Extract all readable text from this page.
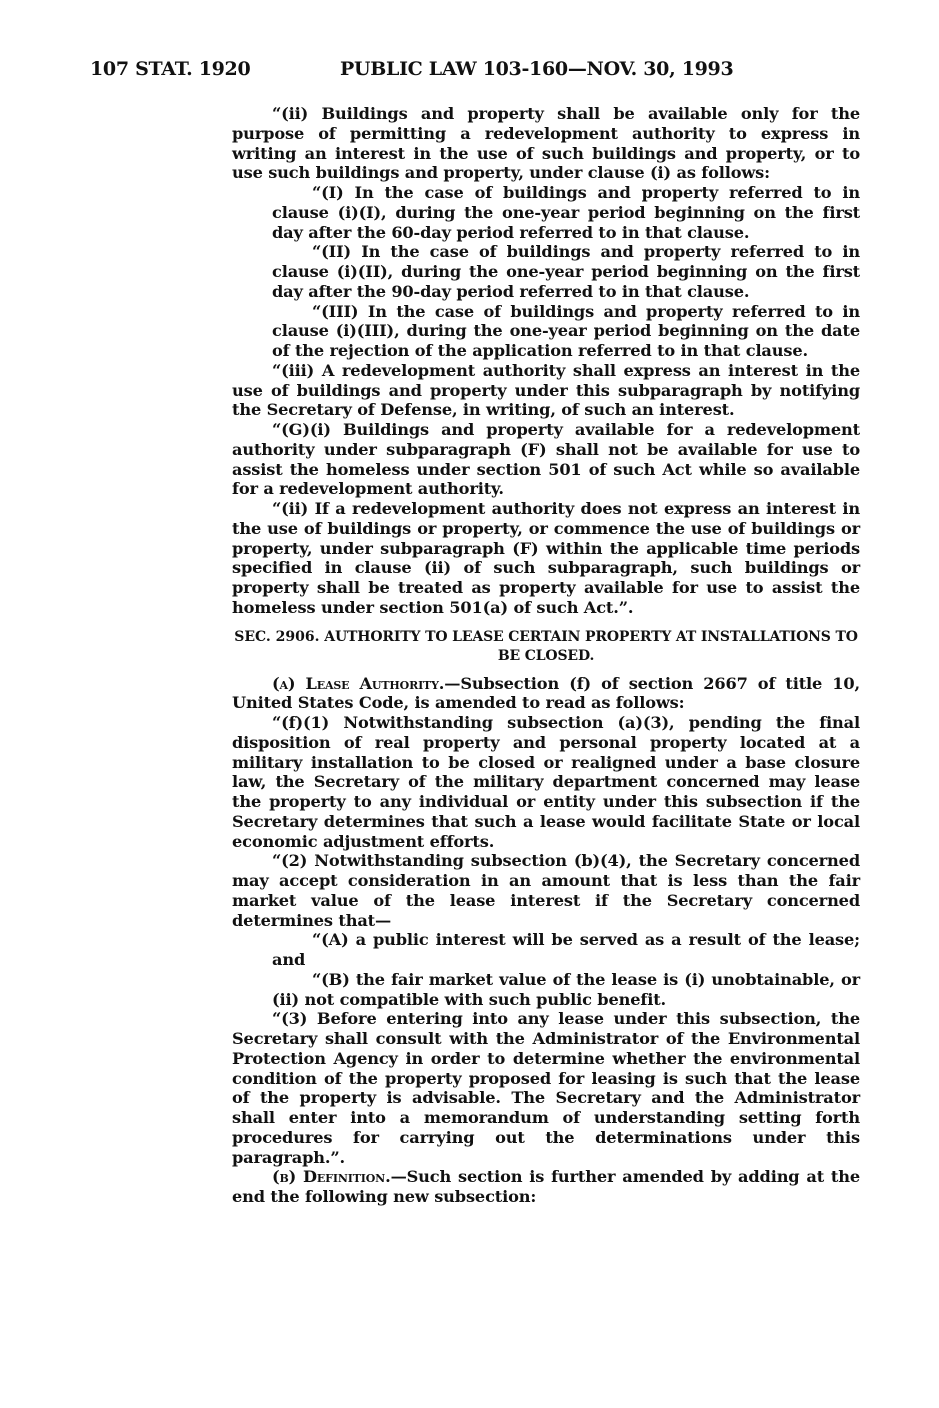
107 STAT. 1920	PUBLIC LAW 103-160—NOV. 30, 1993

“(ii) Buildings and property shall be available only for the purpose of permitting a redevelopment authority to express in writing an interest in the use of such buildings and property, or to use such buildings and property, under clause (i) as follows:

“(I) In the case of buildings and property referred to in clause (i)(I), during the one-year period beginning on the first day after the 60-day period referred to in that clause.

“(II) In the case of buildings and property referred to in clause (i)(II), during the one-year period beginning on the first day after the 90-day period referred to in that clause.

“(III) In the case of buildings and property referred to in clause (i)(III), during the one-year period beginning on the date of the rejection of the application referred to in that clause.

“(iii) A redevelopment authority shall express an interest in the use of buildings and property under this subparagraph by notifying the Secretary of Defense, in writing, of such an interest.

“(G)(i) Buildings and property available for a redevelopment authority under subparagraph (F) shall not be available for use to assist the homeless under section 501 of such Act while so available for a redevelopment authority.

“(ii) If a redevelopment authority does not express an interest in the use of buildings or property, or commence the use of buildings or property, under subparagraph (F) within the applicable time periods specified in clause (ii) of such subparagraph, such buildings or property shall be treated as property available for use to assist the homeless under section 501(a) of such Act.”.

SEC. 2906. AUTHORITY TO LEASE CERTAIN PROPERTY AT INSTALLATIONS TO BE CLOSED.

(a) Lease Authority.—Subsection (f) of section 2667 of title 10, United States Code, is amended to read as follows:

“(f)(1) Notwithstanding subsection (a)(3), pending the final disposition of real property and personal property located at a military installation to be closed or realigned under a base closure law, the Secretary of the military department concerned may lease the property to any individual or entity under this subsection if the Secretary determines that such a lease would facilitate State or local economic adjustment efforts.

“(2) Notwithstanding subsection (b)(4), the Secretary concerned may accept consideration in an amount that is less than the fair market value of the lease interest if the Secretary concerned determines that—

“(A) a public interest will be served as a result of the lease; and

“(B) the fair market value of the lease is (i) unobtainable, or (ii) not compatible with such public benefit.

“(3) Before entering into any lease under this subsection, the Secretary shall consult with the Administrator of the Environmental Protection Agency in order to determine whether the environmental condition of the property proposed for leasing is such that the lease of the property is advisable. The Secretary and the Administrator shall enter into a memorandum of understanding setting forth procedures for carrying out the determinations under this paragraph.”.

(b) Definition.—Such section is further amended by adding at the end the following new subsection:
